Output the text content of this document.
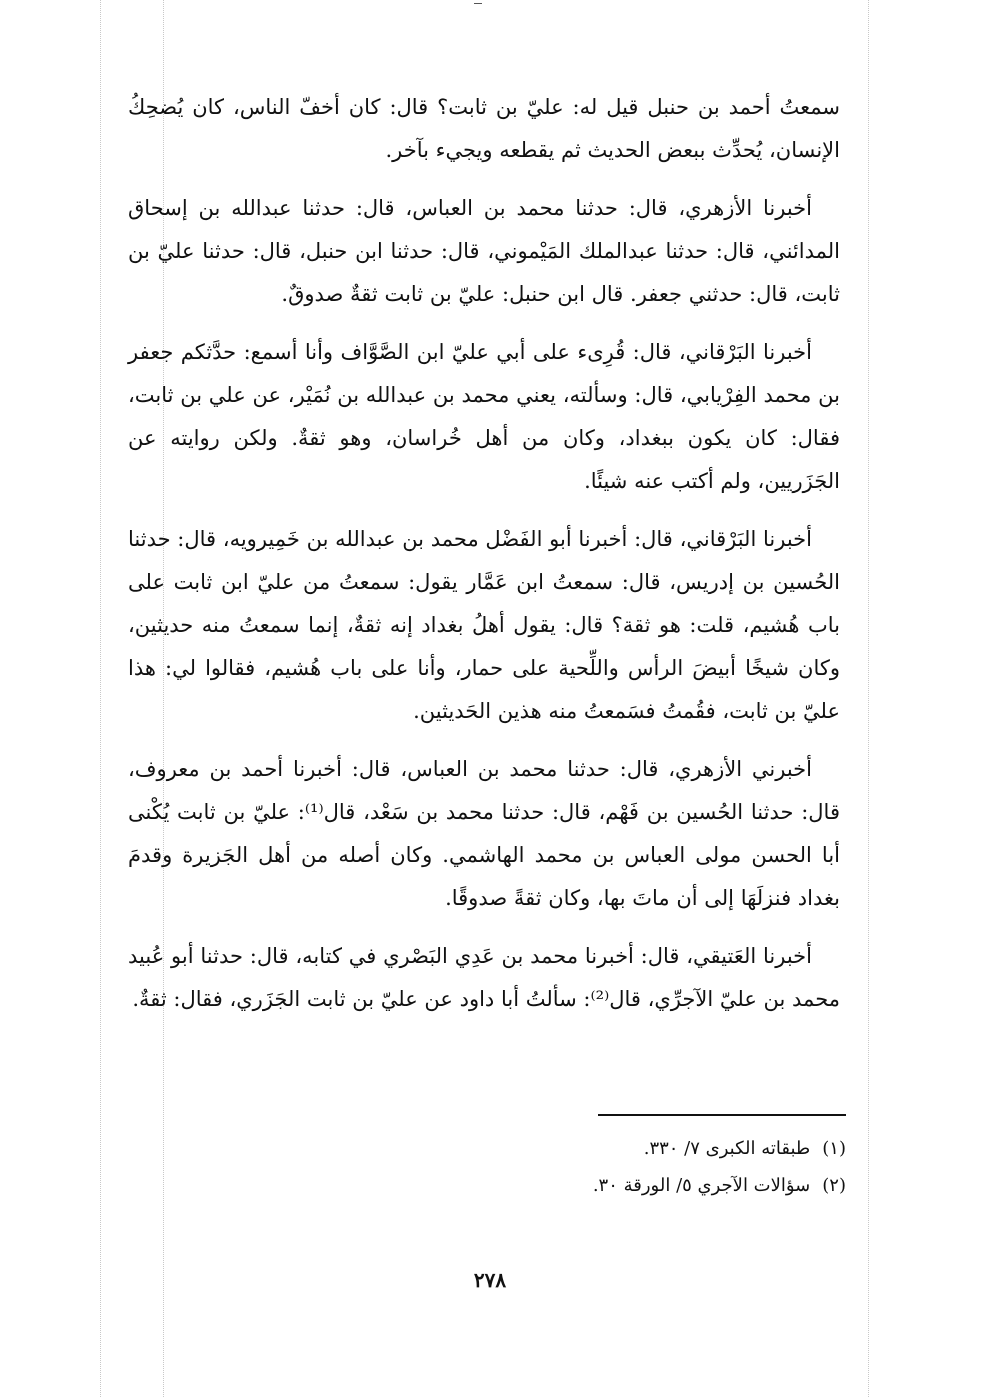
سمعتُ أحمد بن حنبل قيل له: عليّ بن ثابت؟ قال: كان أخفّ الناس، كان يُضحِكُ الإنسان، يُحدِّث ببعض الحديث ثم يقطعه ويجيء بآخر.

أخبرنا الأزهري، قال: حدثنا محمد بن العباس، قال: حدثنا عبدالله بن إسحاق المدائني، قال: حدثنا عبدالملك المَيْموني، قال: حدثنا ابن حنبل، قال: حدثنا عليّ بن ثابت، قال: حدثني جعفر. قال ابن حنبل: عليّ بن ثابت ثقةٌ صدوقٌ.

أخبرنا البَرْقاني، قال: قُرِىء على أبي عليّ ابن الصَّوَّاف وأنا أسمع: حدَّثكم جعفر بن محمد الفِرْيابي، قال: وسألته، يعني محمد بن عبدالله بن نُمَيْر، عن علي بن ثابت، فقال: كان يكون ببغداد، وكان من أهل خُراسان، وهو ثقةٌ. ولكن روايته عن الجَزَريين، ولم أكتب عنه شيئًا.

أخبرنا البَرْقاني، قال: أخبرنا أبو الفَضْل محمد بن عبدالله بن خَمِيرويه، قال: حدثنا الحُسين بن إدريس، قال: سمعتُ ابن عَمَّار يقول: سمعتُ من عليّ ابن ثابت على باب هُشيم، قلت: هو ثقة؟ قال: يقول أهلُ بغداد إنه ثقةٌ، إنما سمعتُ منه حديثين، وكان شيخًا أبيضَ الرأس واللِّحية على حمار، وأنا على باب هُشيم، فقالوا لي: هذا عليّ بن ثابت، فقُمتُ فسَمعتُ منه هذين الحَديثين.

أخبرني الأزهري، قال: حدثنا محمد بن العباس، قال: أخبرنا أحمد بن معروف، قال: حدثنا الحُسين بن فَهْم، قال: حدثنا محمد بن سَعْد، قال⁽¹⁾: عليّ بن ثابت يُكْنى أبا الحسن مولى العباس بن محمد الهاشمي. وكان أصله من أهل الجَزيرة وقدمَ بغداد فنزلَهَا إلى أن ماتَ بها، وكان ثقةً صدوقًا.

أخبرنا العَتيقي، قال: أخبرنا محمد بن عَدِي البَصْري في كتابه، قال: حدثنا أبو عُبيد محمد بن عليّ الآجرِّي، قال⁽²⁾: سألتُ أبا داود عن عليّ بن ثابت الجَزَري، فقال: ثقةٌ.

(١)طبقاته الكبرى ٧/ ٣٣٠.

(٢)سؤالات الآجري ٥/ الورقة ٣٠.

٢٧٨
